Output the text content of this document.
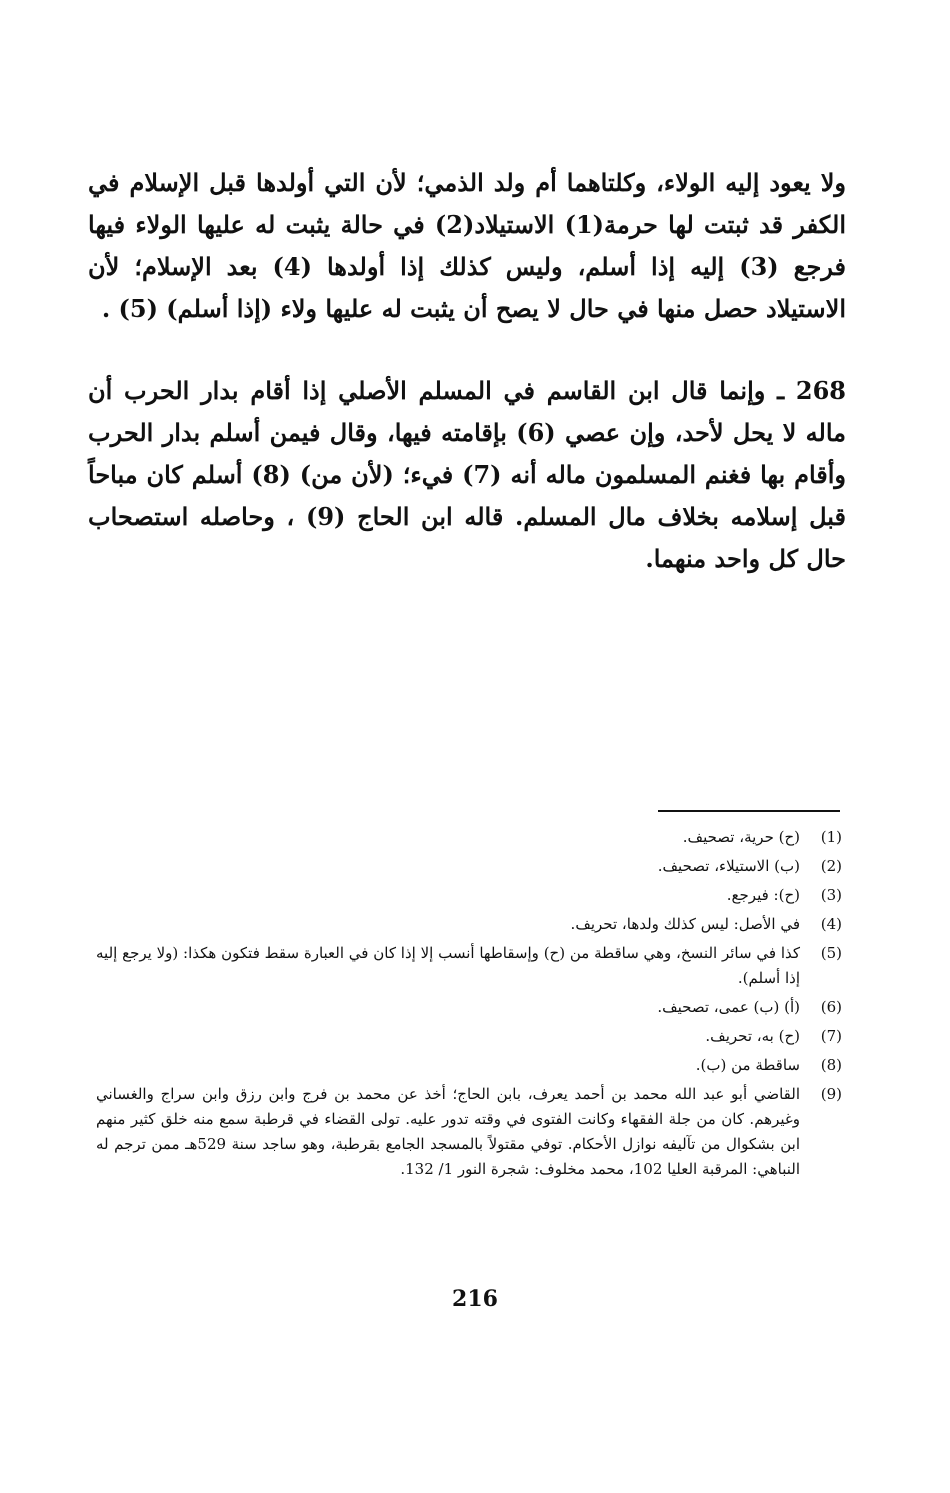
ولا يعود إليه الولاء، وكلتاهما أم ولد الذمي؛ لأن التي أولدها قبل الإسلام في الكفر قد ثبتت لها حرمة(1) الاستيلاد(2) في حالة يثبت له عليها الولاء فيها فرجع (3) إليه إذا أسلم، وليس كذلك إذا أولدها (4) بعد الإسلام؛ لأن الاستيلاد حصل منها في حال لا يصح أن يثبت له عليها ولاء (إذا أسلم) (5) .
268 ـ وإنما قال ابن القاسم في المسلم الأصلي إذا أقام بدار الحرب أن ماله لا يحل لأحد، وإن عصي (6) بإقامته فيها، وقال فيمن أسلم بدار الحرب وأقام بها فغنم المسلمون ماله أنه (7) فيء؛ (لأن من) (8) أسلم كان مباحاً قبل إسلامه بخلاف مال المسلم. قاله ابن الحاج (9) ، وحاصله استصحاب حال كل واحد منهما.
(1)
(ح) حرية، تصحيف.
(2)
(ب) الاستيلاء، تصحيف.
(3)
(ح): فيرجع.
(4)
في الأصل: ليس كذلك ولدها، تحريف.
(5)
كذا في سائر النسخ، وهي ساقطة من (ح) وإسقاطها أنسب إلا إذا كان في العبارة سقط فتكون هكذا: (ولا يرجع إليه إذا أسلم).
(6)
(أ) (ب) عمى، تصحيف.
(7)
(ح) به، تحريف.
(8)
ساقطة من (ب).
(9)
القاضي أبو عبد الله محمد بن أحمد يعرف، بابن الحاج؛ أخذ عن محمد بن فرج وابن رزق وابن سراج والغساني وغيرهم. كان من جلة الفقهاء وكانت الفتوى في وقته تدور عليه. تولى القضاء في قرطبة سمع منه خلق كثير منهم ابن بشكوال من تآليفه نوازل الأحكام. توفي مقتولاً بالمسجد الجامع بقرطبة، وهو ساجد سنة 529هـ ممن ترجم له النباهي: المرقبة العليا 102، محمد مخلوف: شجرة النور 1/ 132.
216
